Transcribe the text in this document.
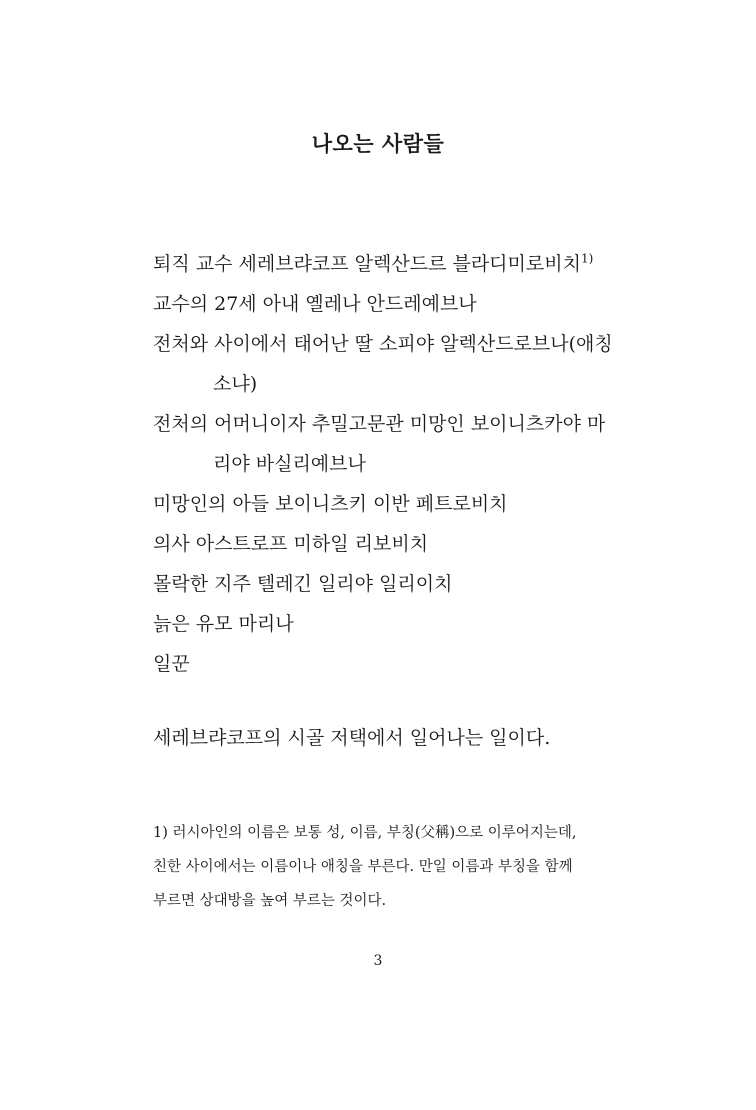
나오는 사람들
퇴직 교수 세레브랴코프 알렉산드르 블라디미로비치$^{1)}$
교수의 27세 아내 옐레나 안드레예브나
전처와 사이에서 태어난 딸 소피야 알렉산드로브나(애칭
소냐)
전처의 어머니이자 추밀고문관 미망인 보이니츠카야 마
리야 바실리예브나
미망인의 아들 보이니츠키 이반 페트로비치
의사 아스트로프 미하일 리보비치
몰락한 지주 텔레긴 일리야 일리이치
늙은 유모 마리나
일꾼
세레브랴코프의 시골 저택에서 일어나는 일이다.

1) 러시아인의 이름은 보통 성, 이름, 부칭(父稱)으로 이루어지는데,
친한 사이에서는 이름이나 애칭을 부른다. 만일 이름과 부칭을 함께
부르면 상대방을 높여 부르는 것이다.

3
